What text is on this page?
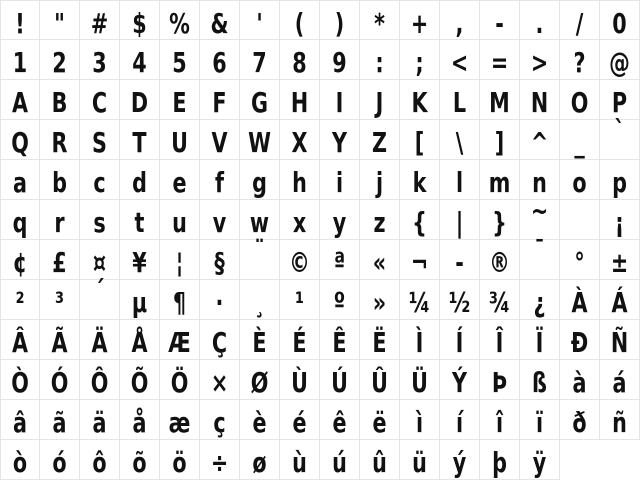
!	" # $ % & '	(	)	* + ,	-	.	/	0
1 2 3 4 5 6 7 8 9	:	; < = > ? @
A B C D E F G H I	J	K L M N O P
Q R S T U V W X Y Z [	\	] ^ _	`
a b c d e	f	g h	i	j	k	l m n o p
q r	s	t u v w x y z {	|	} ~	¡
¢ £ ¤ ¥	¦	§	¨ © ª « ¬ - ® ¯	° ±
²	³	´ µ ¶	·	¸	¹	º » ¼ ½ ¾ ¿ À Á
Â Ã Ä Å Æ Ç È É Ê Ë	Ì	Í	Î	Ï Ð Ñ
Ò Ó Ô Õ Ö × Ø Ù Ú Û Ü Ý Þ ß à á
â ã ä å æ ç è é ê ë	ì	í	î	ï	ð ñ
ò ó ô õ ö ÷ ø ù ú û ü ý þ ÿ
